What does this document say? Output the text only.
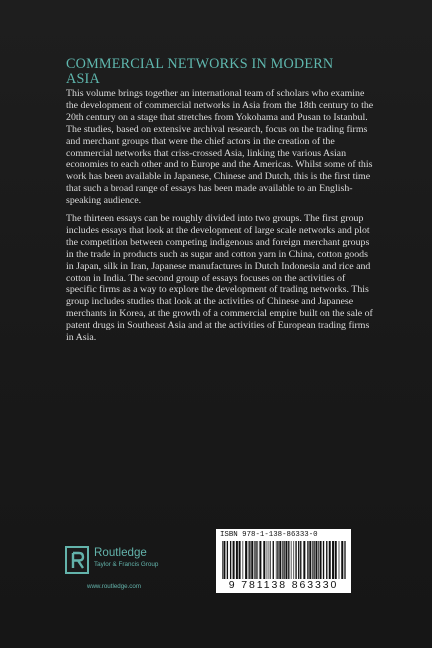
COMMERCIAL NETWORKS IN MODERN ASIA

This volume brings together an international team of scholars who examine the development of commercial networks in Asia from the 18th century to the 20th century on a stage that stretches from Yokohama and Pusan to Istanbul. The studies, based on extensive archival research, focus on the trading firms and merchant groups that were the chief actors in the creation of the commercial networks that criss-crossed Asia, linking the various Asian economies to each other and to Europe and the Americas. Whilst some of this work has been available in Japanese, Chinese and Dutch, this is the first time that such a broad range of essays has been made available to an English-speaking audience.

The thirteen essays can be roughly divided into two groups. The first group includes essays that look at the development of large scale networks and plot the competition between competing indigenous and foreign merchant groups in the trade in products such as sugar and cotton yarn in China, cotton goods in Japan, silk in Iran, Japanese manufactures in Dutch Indonesia and rice and cotton in India. The second group of essays focuses on the activities of specific firms as a way to explore the development of trading networks. This group includes studies that look at the activities of Chinese and Japanese merchants in Korea, at the growth of a commercial empire built on the sale of patent drugs in Southeast Asia and at the activities of European trading firms in Asia.

Routledge
Taylor & Francis Group
www.routledge.com
ISBN 978-1-138-86333-0
9 781138 863330
